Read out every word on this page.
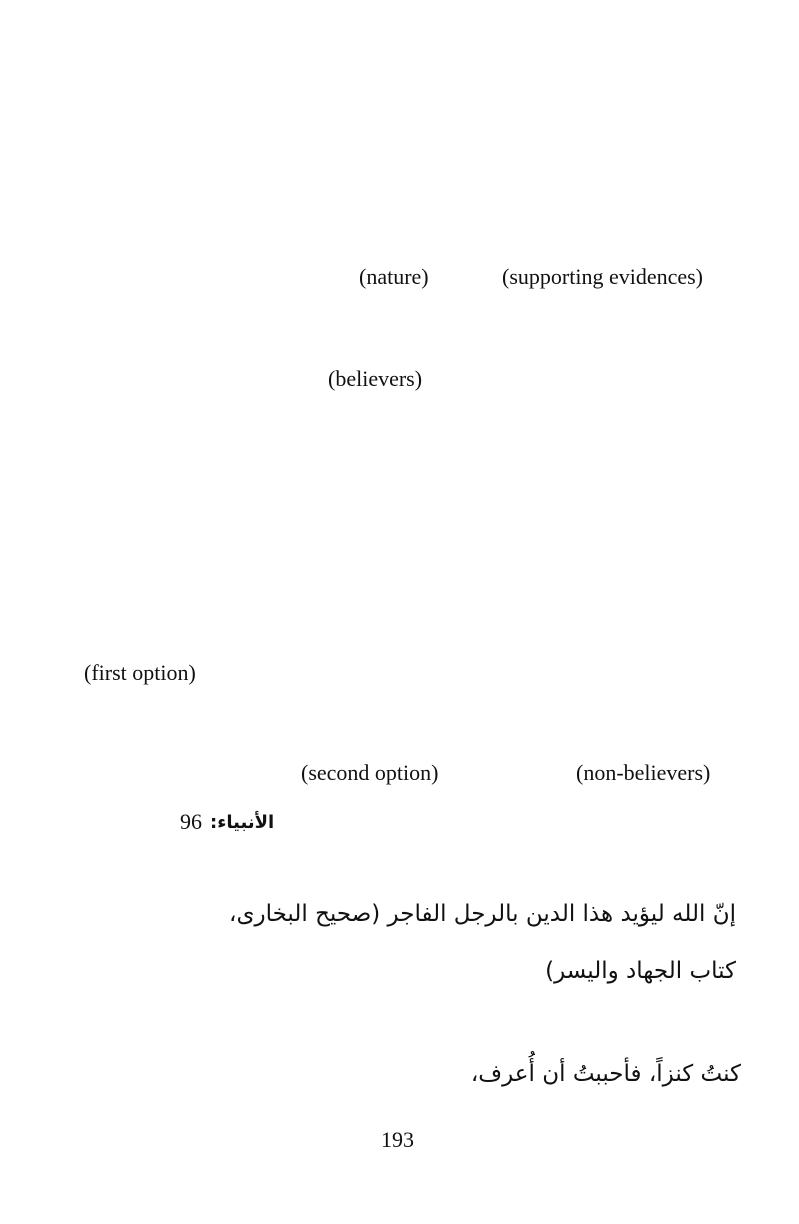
(nature)	(supporting evidences)
(believers)
(first option)
(second option)	(non-believers)
الأنبياء:
96
إنّ الله ليؤيد هذا الدين بالرجل الفاجر (صحيح البخارى،
كتاب الجهاد واليسر)
كنتُ كنزاً، فأحببتُ أن أُعرف،
193
